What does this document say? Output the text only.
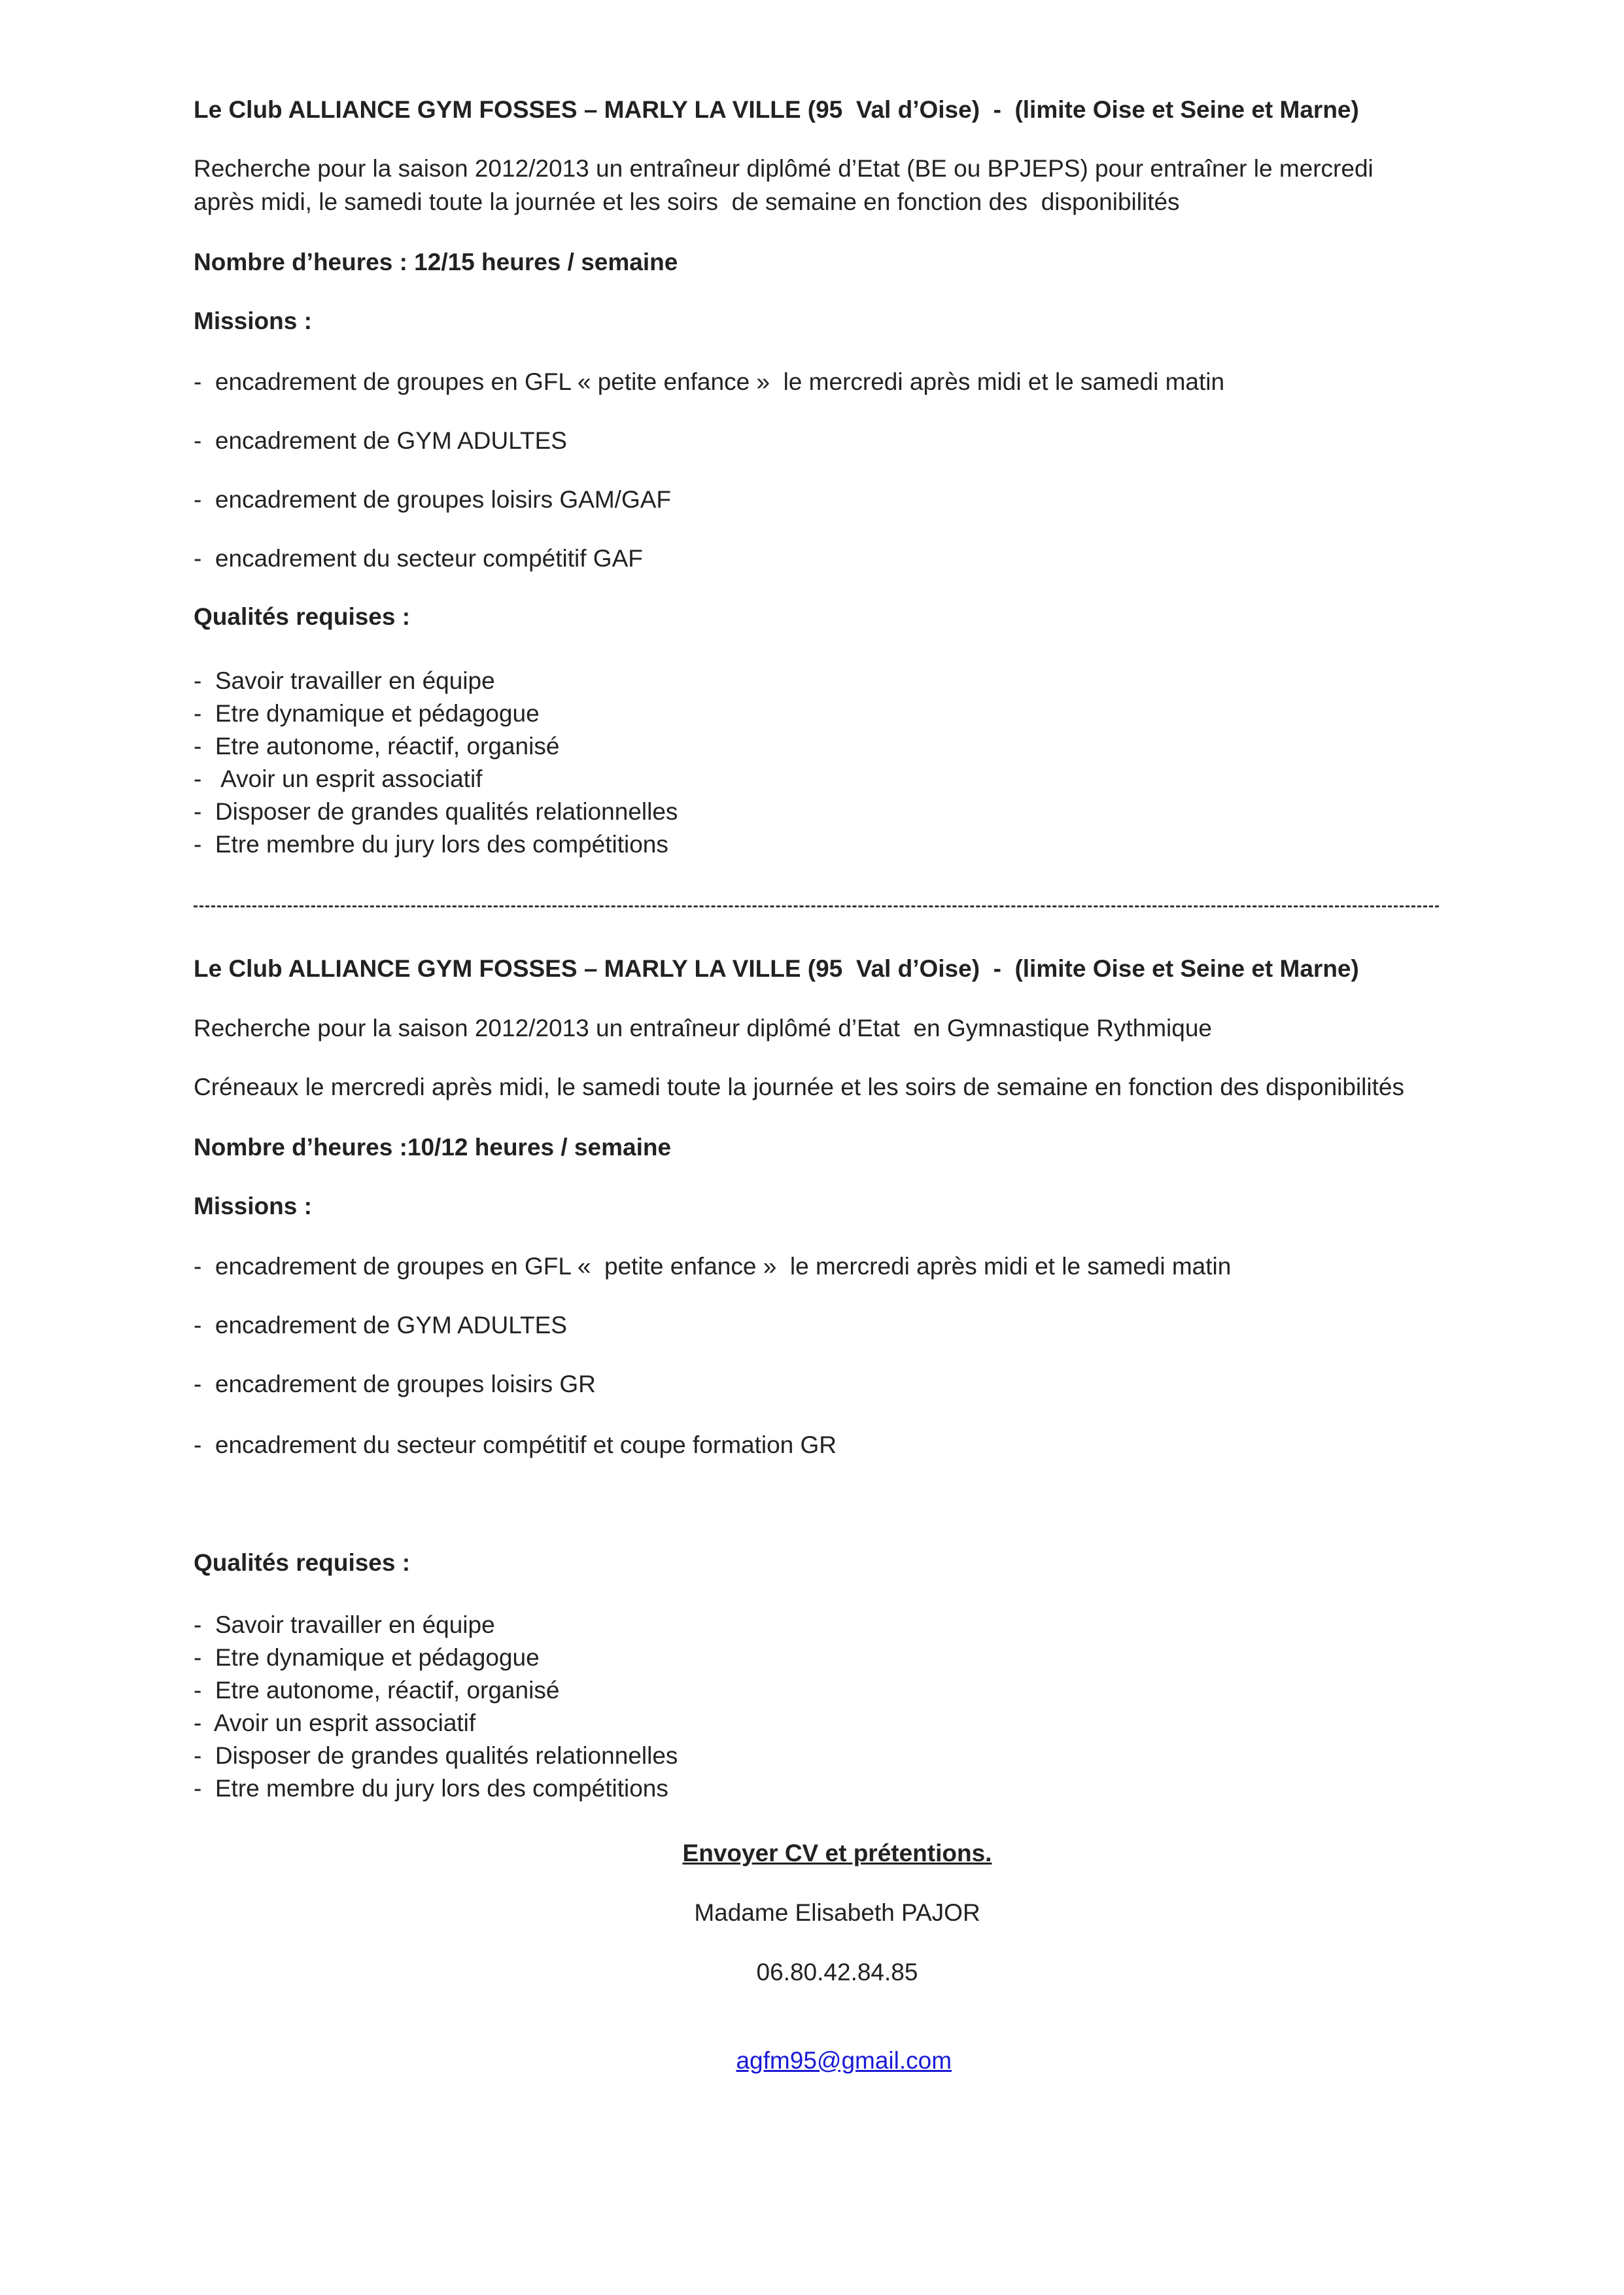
Le Club ALLIANCE GYM FOSSES – MARLY LA VILLE (95  Val d’Oise)  -  (limite Oise et Seine et Marne)
Recherche pour la saison 2012/2013 un entraîneur diplômé d’Etat (BE ou BPJEPS) pour entraîner le mercredi
après midi, le samedi toute la journée et les soirs  de semaine en fonction des  disponibilités
Nombre d’heures : 12/15 heures / semaine
Missions :
-  encadrement de groupes en GFL « petite enfance »  le mercredi après midi et le samedi matin
-  encadrement de GYM ADULTES
-  encadrement de groupes loisirs GAM/GAF
-  encadrement du secteur compétitif GAF
Qualités requises :
-  Savoir travailler en équipe
-  Etre dynamique et pédagogue
-  Etre autonome, réactif, organisé
-   Avoir un esprit associatif
-  Disposer de grandes qualités relationnelles
-  Etre membre du jury lors des compétitions
Le Club ALLIANCE GYM FOSSES – MARLY LA VILLE (95  Val d’Oise)  -  (limite Oise et Seine et Marne)
Recherche pour la saison 2012/2013 un entraîneur diplômé d’Etat  en Gymnastique Rythmique
Créneaux le mercredi après midi, le samedi toute la journée et les soirs de semaine en fonction des disponibilités
Nombre d’heures :10/12 heures / semaine
Missions :
-  encadrement de groupes en GFL «  petite enfance »  le mercredi après midi et le samedi matin
-  encadrement de GYM ADULTES
-  encadrement de groupes loisirs GR
-  encadrement du secteur compétitif et coupe formation GR
Qualités requises :
-  Savoir travailler en équipe
-  Etre dynamique et pédagogue
-  Etre autonome, réactif, organisé
-  Avoir un esprit associatif
-  Disposer de grandes qualités relationnelles
-  Etre membre du jury lors des compétitions
Envoyer CV et prétentions.
Madame Elisabeth PAJOR
06.80.42.84.85

agfm95@gmail.com
